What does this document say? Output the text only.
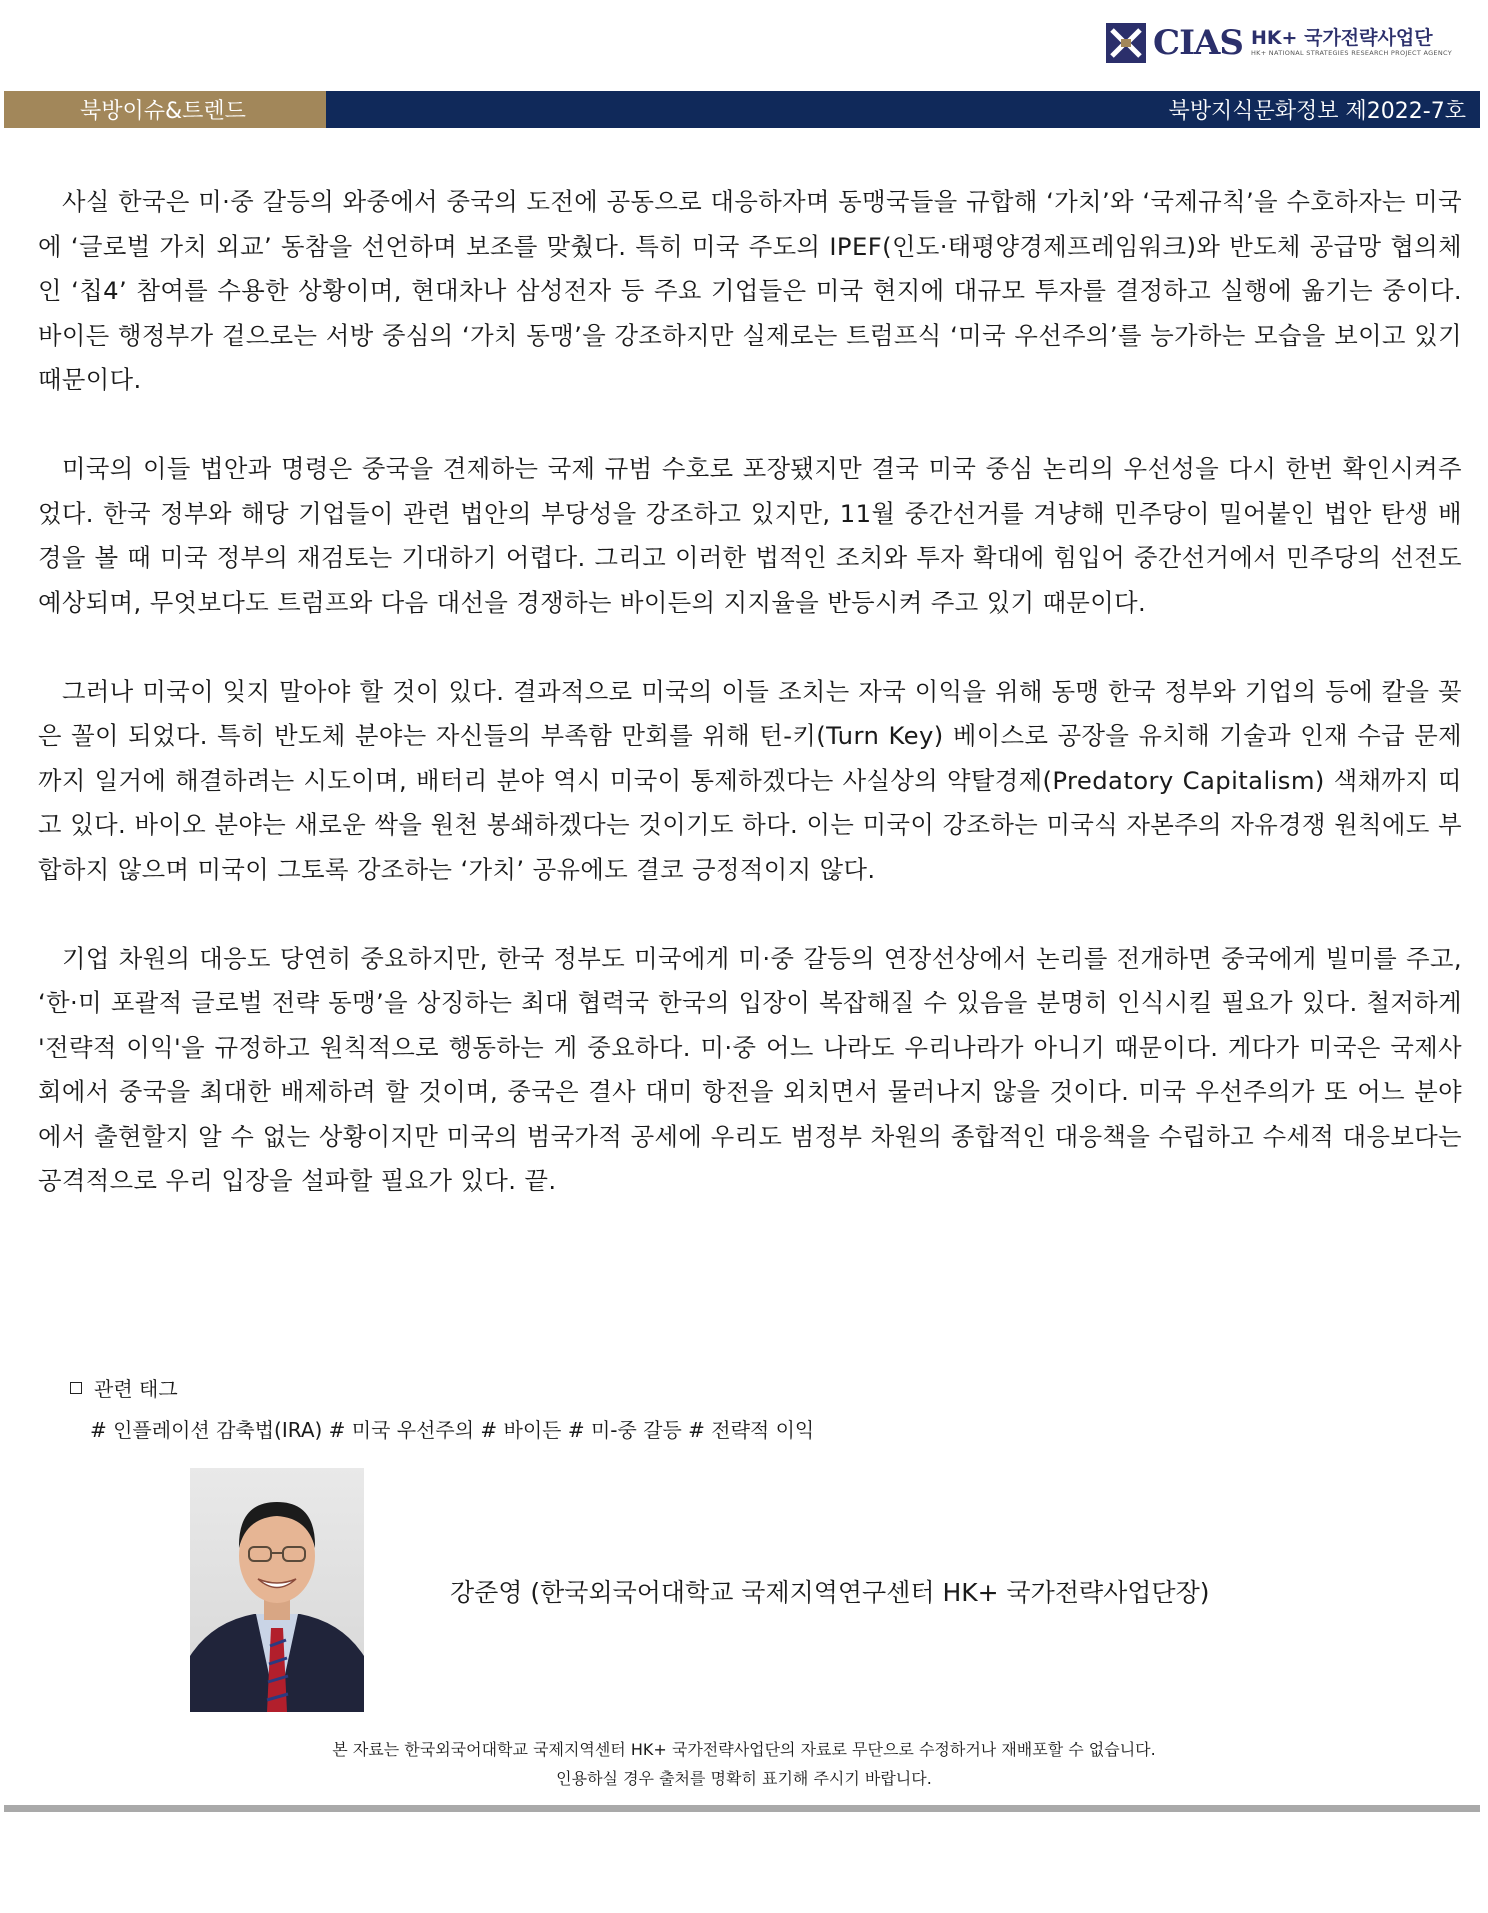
CIAS HK+ 국가전략사업단
HK+ NATIONAL STRATEGIES RESEARCH PROJECT AGENCY
북방이슈&트렌드	북방지식문화정보 제2022-7호

사실 한국은 미·중 갈등의 와중에서 중국의 도전에 공동으로 대응하자며 동맹국들을 규합해 ‘가치’와 ‘국제규칙’을 수호하자는 미국에 ‘글로벌 가치 외교’ 동참을 선언하며 보조를 맞췄다. 특히 미국 주도의 IPEF(인도·태평양경제프레임워크)와 반도체 공급망 협의체인 ‘칩4’ 참여를 수용한 상황이며, 현대차나 삼성전자 등 주요 기업들은 미국 현지에 대규모 투자를 결정하고 실행에 옮기는 중이다. 바이든 행정부가 겉으로는 서방 중심의 ‘가치 동맹’을 강조하지만 실제로는 트럼프식 ‘미국 우선주의’를 능가하는 모습을 보이고 있기 때문이다.

미국의 이들 법안과 명령은 중국을 견제하는 국제 규범 수호로 포장됐지만 결국 미국 중심 논리의 우선성을 다시 한번 확인시켜주었다. 한국 정부와 해당 기업들이 관련 법안의 부당성을 강조하고 있지만, 11월 중간선거를 겨냥해 민주당이 밀어붙인 법안 탄생 배경을 볼 때 미국 정부의 재검토는 기대하기 어렵다. 그리고 이러한 법적인 조치와 투자 확대에 힘입어 중간선거에서 민주당의 선전도 예상되며, 무엇보다도 트럼프와 다음 대선을 경쟁하는 바이든의 지지율을 반등시켜 주고 있기 때문이다.

그러나 미국이 잊지 말아야 할 것이 있다. 결과적으로 미국의 이들 조치는 자국 이익을 위해 동맹 한국 정부와 기업의 등에 칼을 꽂은 꼴이 되었다. 특히 반도체 분야는 자신들의 부족함 만회를 위해 턴-키(Turn Key) 베이스로 공장을 유치해 기술과 인재 수급 문제까지 일거에 해결하려는 시도이며, 배터리 분야 역시 미국이 통제하겠다는 사실상의 약탈경제(Predatory Capitalism) 색채까지 띠고 있다. 바이오 분야는 새로운 싹을 원천 봉쇄하겠다는 것이기도 하다. 이는 미국이 강조하는 미국식 자본주의 자유경쟁 원칙에도 부합하지 않으며 미국이 그토록 강조하는 ‘가치’ 공유에도 결코 긍정적이지 않다.

기업 차원의 대응도 당연히 중요하지만, 한국 정부도 미국에게 미·중 갈등의 연장선상에서 논리를 전개하면 중국에게 빌미를 주고, ‘한·미 포괄적 글로벌 전략 동맹’을 상징하는 최대 협력국 한국의 입장이 복잡해질 수 있음을 분명히 인식시킬 필요가 있다. 철저하게 '전략적 이익'을 규정하고 원칙적으로 행동하는 게 중요하다. 미·중 어느 나라도 우리나라가 아니기 때문이다. 게다가 미국은 국제사회에서 중국을 최대한 배제하려 할 것이며, 중국은 결사 대미 항전을 외치면서 물러나지 않을 것이다. 미국 우선주의가 또 어느 분야에서 출현할지 알 수 없는 상황이지만 미국의 범국가적 공세에 우리도 범정부 차원의 종합적인 대응책을 수립하고 수세적 대응보다는 공격적으로 우리 입장을 설파할 필요가 있다. 끝.

관련 태그
# 인플레이션 감축법(IRA) # 미국 우선주의 # 바이든 # 미-중 갈등 # 전략적 이익
강준영 (한국외국어대학교 국제지역연구센터 HK+ 국가전략사업단장)
본 자료는 한국외국어대학교 국제지역센터 HK+ 국가전략사업단의 자료로 무단으로 수정하거나 재배포할 수 없습니다.
인용하실 경우 출처를 명확히 표기해 주시기 바랍니다.
